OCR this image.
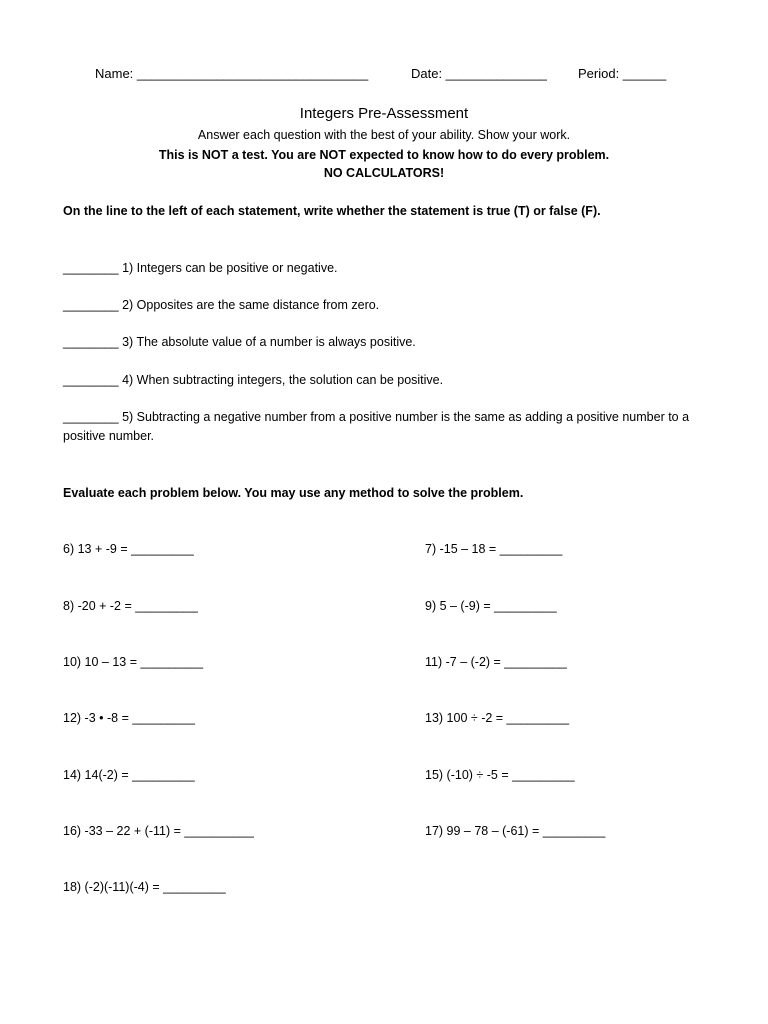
Name: ________________________________	Date: ______________ Period: ______
Integers Pre-Assessment
Answer each question with the best of your ability. Show your work.
This is NOT a test. You are NOT expected to know how to do every problem.
NO CALCULATORS!
On the line to the left of each statement, write whether the statement is true (T) or false (F).
________ 1) Integers can be positive or negative.
________ 2) Opposites are the same distance from zero.
________ 3) The absolute value of a number is always positive.
________ 4) When subtracting integers, the solution can be positive.
________ 5) Subtracting a negative number from a positive number is the same as adding a positive number to a positive number.
Evaluate each problem below. You may use any method to solve the problem.
6) 13 + -9 = _________	7) -15 – 18 = _________
8) -20 + -2 = _________	9) 5 – (-9) = _________
10) 10 – 13 = _________	11) -7 – (-2) = _________
12) -3 • -8 = _________	13) 100 ÷ -2 = _________
14) 14(-2) = _________	15) (-10) ÷ -5 = _________
16) -33 – 22 + (-11) = __________	17) 99 – 78 – (-61) = _________
18) (-2)(-11)(-4) = _________
